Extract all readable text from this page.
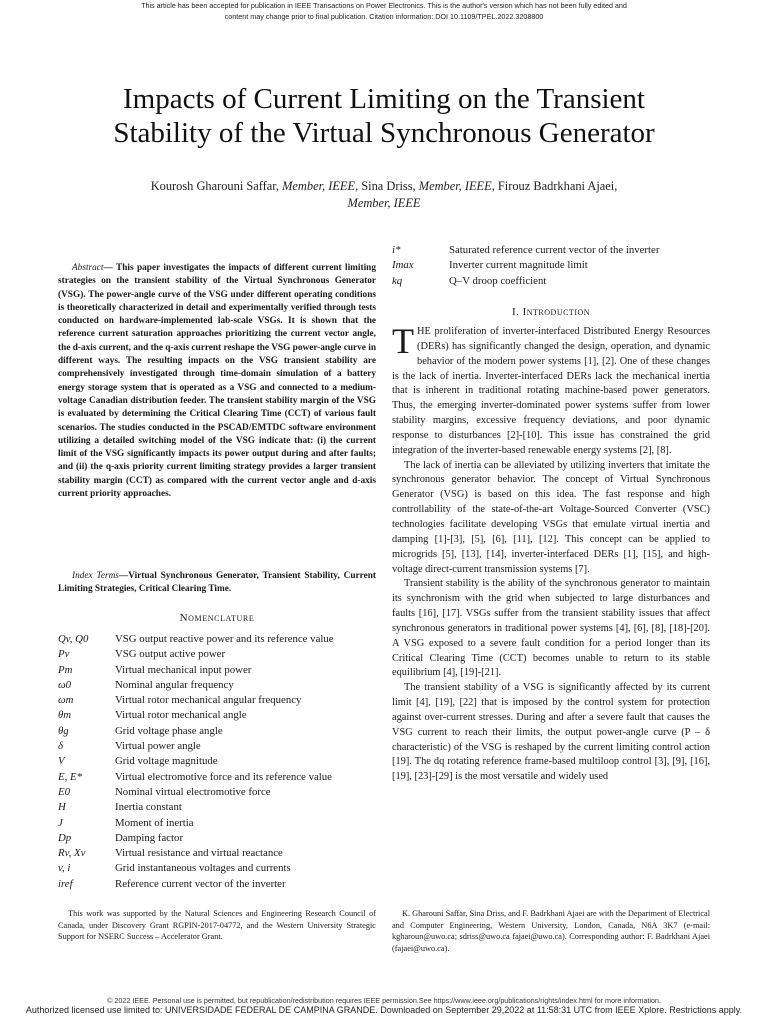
This article has been accepted for publication in IEEE Transactions on Power Electronics. This is the author's version which has not been fully edited and
content may change prior to final publication. Citation information: DOI 10.1109/TPEL.2022.3208800
Impacts of Current Limiting on the Transient
Stability of the Virtual Synchronous Generator
Kourosh Gharouni Saffar, Member, IEEE, Sina Driss, Member, IEEE, Firouz Badrkhani Ajaei,
Member, IEEE

Abstract— This paper investigates the impacts of different current limiting strategies on the transient stability of the Virtual Synchronous Generator (VSG). The power-angle curve of the VSG under different operating conditions is theoretically characterized in detail and experimentally verified through tests conducted on hardware-implemented lab-scale VSGs. It is shown that the reference current saturation approaches prioritizing the current vector angle, the d-axis current, and the q-axis current reshape the VSG power-angle curve in different ways. The resulting impacts on the VSG transient stability are comprehensively investigated through time-domain simulation of a battery energy storage system that is operated as a VSG and connected to a medium-voltage Canadian distribution feeder. The transient stability margin of the VSG is evaluated by determining the Critical Clearing Time (CCT) of various fault scenarios. The studies conducted in the PSCAD/EMTDC software environment utilizing a detailed switching model of the VSG indicate that: (i) the current limit of the VSG significantly impacts its power output during and after faults; and (ii) the q-axis priority current limiting strategy provides a larger transient stability margin (CCT) as compared with the current vector angle and d-axis current priority approaches.

Index Terms—Virtual Synchronous Generator, Transient Stability, Current Limiting Strategies, Critical Clearing Time.

Nomenclature
Qv, Q0	VSG output reactive power and its reference value
Pv	VSG output active power
Pm	Virtual mechanical input power
ω0	Nominal angular frequency
ωm	Virtual rotor mechanical angular frequency
θm	Virtual rotor mechanical angle
θg	Grid voltage phase angle
δ	Virtual power angle
V	Grid voltage magnitude
E, E*	Virtual electromotive force and its reference value
E0	Nominal virtual electromotive force
H	Inertia constant
J	Moment of inertia
Dp	Damping factor
Rv, Xv	Virtual resistance and virtual reactance
v, i	Grid instantaneous voltages and currents
iref	Reference current vector of the inverter
i*	Saturated reference current vector of the inverter
Imax	Inverter current magnitude limit
kq	Q–V droop coefficient
I. Introduction

THE proliferation of inverter-interfaced Distributed Energy Resources (DERs) has significantly changed the design, operation, and dynamic behavior of the modern power systems [1], [2]. One of these changes is the lack of inertia. Inverter-interfaced DERs lack the mechanical inertia that is inherent in traditional rotating machine-based power generators. Thus, the emerging inverter-dominated power systems suffer from lower stability margins, excessive frequency deviations, and poor dynamic response to disturbances [2]-[10]. This issue has constrained the grid integration of the inverter-based renewable energy systems [2], [8].

The lack of inertia can be alleviated by utilizing inverters that imitate the synchronous generator behavior. The concept of Virtual Synchronous Generator (VSG) is based on this idea. The fast response and high controllability of the state-of-the-art Voltage-Sourced Converter (VSC) technologies facilitate developing VSGs that emulate virtual inertia and damping [1]-[3], [5], [6], [11], [12]. This concept can be applied to microgrids [5], [13], [14], inverter-interfaced DERs [1], [15], and high-voltage direct-current transmission systems [7].

Transient stability is the ability of the synchronous generator to maintain its synchronism with the grid when subjected to large disturbances and faults [16], [17]. VSGs suffer from the transient stability issues that affect synchronous generators in traditional power systems [4], [6], [8], [18]-[20]. A VSG exposed to a severe fault condition for a period longer than its Critical Clearing Time (CCT) becomes unable to return to its stable equilibrium [4], [19]-[21].

The transient stability of a VSG is significantly affected by its current limit [4], [19], [22] that is imposed by the control system for protection against over-current stresses. During and after a severe fault that causes the VSG current to reach their limits, the output power-angle curve (P – δ characteristic) of the VSG is reshaped by the current limiting control action [19]. The dq rotating reference frame-based multiloop control [3], [9], [16], [19], [23]-[29] is the most versatile and widely used

This work was supported by the Natural Sciences and Engineering Research Council of Canada, under Discovery Grant RGPIN-2017-04772, and the Western University Strategic Support for NSERC Success – Accelerator Grant.
K. Gharouni Saffar, Sina Driss, and F. Badrkhani Ajaei are with the Department of Electrical and Computer Engineering, Western University, London, Canada, N6A 3K7 (e-mail: kgharoun@uwo.ca; sdriss@uwo.ca fajaei@uwo.ca). Corresponding author: F. Badrkhani Ajaei (fajaei@uwo.ca).
© 2022 IEEE. Personal use is permitted, but republication/redistribution requires IEEE permission.See https://www.ieee.org/publications/rights/index.html for more information.
Authorized licensed use limited to: UNIVERSIDADE FEDERAL DE CAMPINA GRANDE. Downloaded on September 29,2022 at 11:58:31 UTC from IEEE Xplore. Restrictions apply.
